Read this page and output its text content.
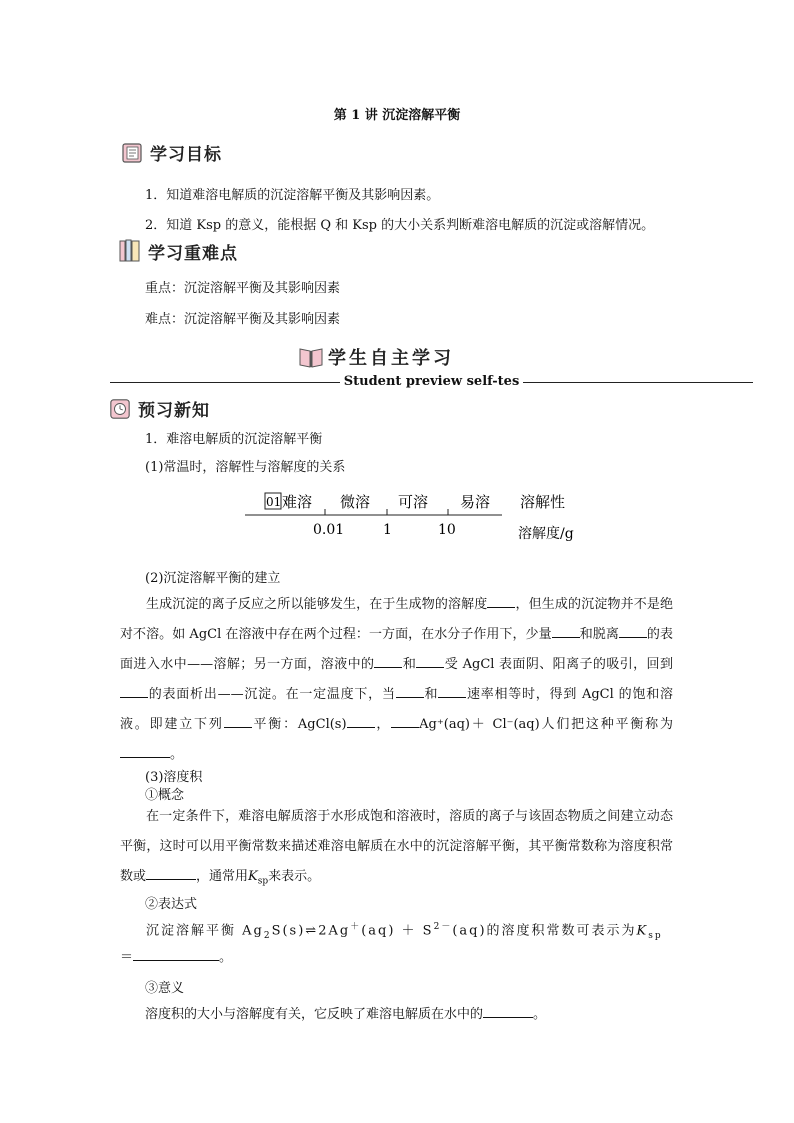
第 1 讲 沉淀溶解平衡
学习目标
1．知道难溶电解质的沉淀溶解平衡及其影响因素。
2．知道 Ksp 的意义，能根据 Q 和 Ksp 的大小关系判断难溶电解质的沉淀或溶解情况。
学习重难点
重点：沉淀溶解平衡及其影响因素
难点：沉淀溶解平衡及其影响因素
学生自主学习
Student preview self-tes
预习新知
1．难溶电解质的沉淀溶解平衡
(1)常温时，溶解性与溶解度的关系
01 难溶 微溶 可溶 易溶 溶解性
0.01	1	10	溶解度/g
(2)沉淀溶解平衡的建立
生成沉淀的离子反应之所以能够发生，在于生成物的溶解度 ，但生成的沉淀物并不是绝对不溶。如 AgCl 在溶液中存在两个过程：一方面，在水分子作用下，少量 和脱离 的表面进入水中——溶解；另一方面，溶液中的 和 受 AgCl 表面阴、阳离子的吸引，回到的表面析出——沉淀。在一定温度下，当 和 速率相等时，得到 AgCl 的饱和溶液。即建立下列 平衡：AgCl(s) ， Ag⁺(aq)＋ Cl⁻(aq)人们把这种平衡称为。
(3)溶度积
①概念
在一定条件下，难溶电解质溶于水形成饱和溶液时，溶质的离子与该固态物质之间建立动态平衡，这时可以用平衡常数来描述难溶电解质在水中的沉淀溶解平衡，其平衡常数称为溶度积常数或	，通常用$K_{sp}$来表示。
②表达式
沉淀溶解平衡 $Ag_2S(s)\rightleftharpoons 2Ag^+(aq) + S^{2-}(aq)$的溶度积常数可表示为$K_{sp}$
＝	。
③意义
溶度积的大小与溶解度有关，它反映了难溶电解质在水中的	。
